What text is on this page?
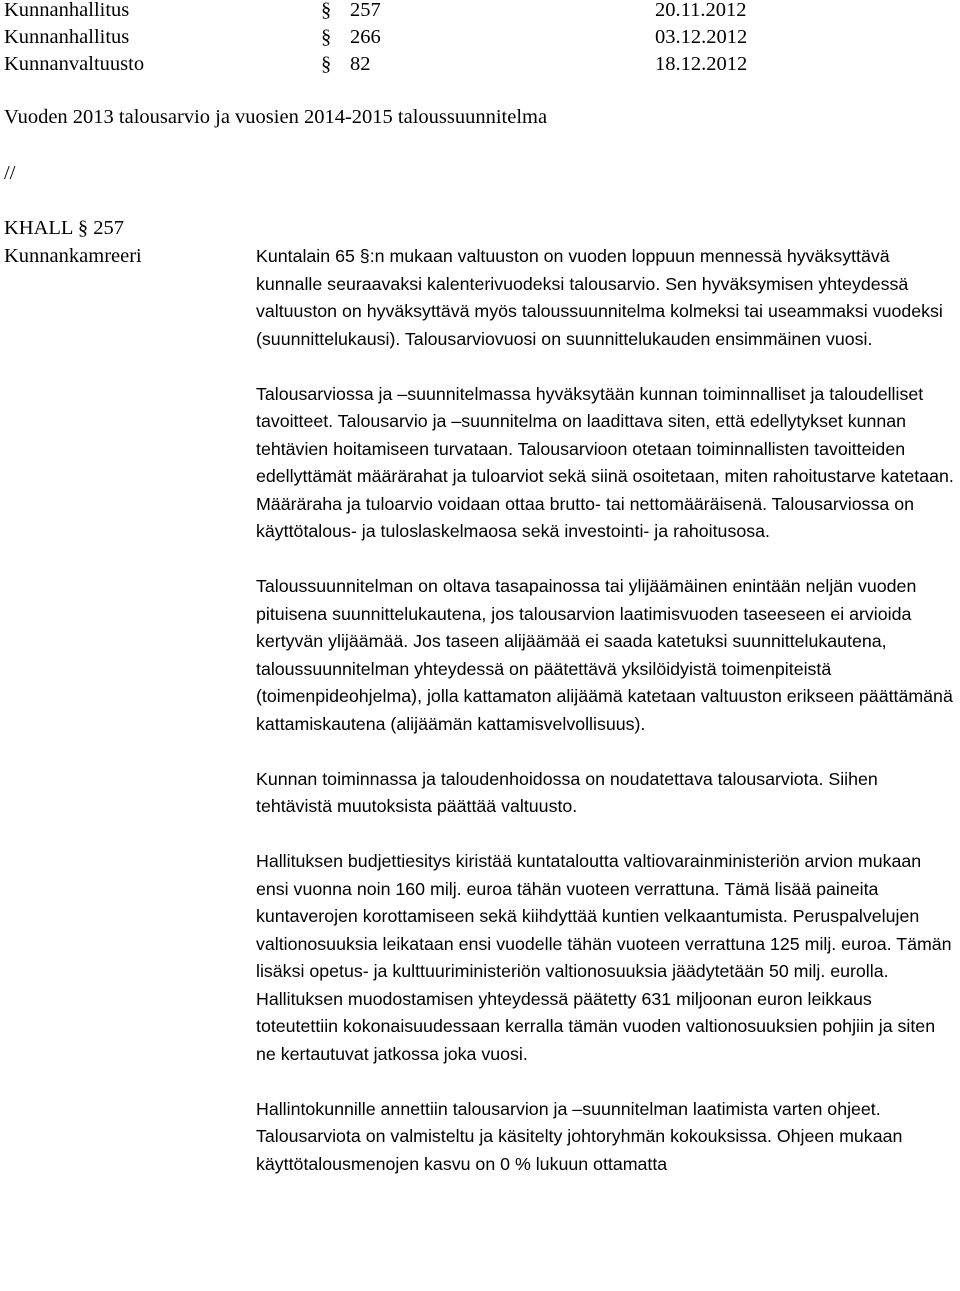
Kunnanhallitus	§ 257	20.11.2012
Kunnanhallitus	§ 266	03.12.2012
Kunnanvaltuusto	§ 82	18.12.2012
Vuoden 2013 talousarvio ja vuosien 2014-2015 taloussuunnitelma
//
KHALL § 257
Kunnankamreeri	Kuntalain 65 §:n mukaan valtuuston on vuoden loppuun mennessä hyväksyttävä kunnalle seuraavaksi kalenterivuodeksi talousarvio. Sen hyväksymisen yhteydessä valtuuston on hyväksyttävä myös taloussuunnitelma kolmeksi tai useammaksi vuodeksi (suunnittelukausi). Talousarviovuosi on suunnittelukauden ensimmäinen vuosi.

Talousarviossa ja –suunnitelmassa hyväksytään kunnan toiminnalliset ja taloudelliset tavoitteet. Talousarvio ja –suunnitelma on laadittava siten, että edellytykset kunnan tehtävien hoitamiseen turvataan. Talousarvioon otetaan toiminnallisten tavoitteiden edellyttämät määrärahat ja tuloarviot sekä siinä osoitetaan, miten rahoitustarve katetaan. Määräraha ja tuloarvio voidaan ottaa brutto- tai nettomääräisenä. Talousarviossa on käyttötalous- ja tuloslaskelmaosa sekä investointi- ja rahoitusosa.

Taloussuunnitelman on oltava tasapainossa tai ylijäämäinen enintään neljän vuoden pituisena suunnittelukautena, jos talousarvion laatimisvuoden taseeseen ei arvioida kertyvän ylijäämää. Jos taseen alijäämää ei saada katetuksi suunnittelukautena, taloussuunnitelman yhteydessä on päätettävä yksilöidyistä toimenpiteistä (toimenpideohjelma), jolla kattamaton alijäämä katetaan valtuuston erikseen päättämänä kattamiskautena (alijäämän kattamisvelvollisuus).

Kunnan toiminnassa ja taloudenhoidossa on noudatettava talousarviota. Siihen tehtävistä muutoksista päättää valtuusto.

Hallituksen budjettiesitys kiristää kuntataloutta valtiovarainministeriön arvion mukaan ensi vuonna noin 160 milj. euroa tähän vuoteen verrattuna. Tämä lisää paineita kuntaverojen korottamiseen sekä kiihdyttää kuntien velkaantumista. Peruspalvelujen valtionosuuksia leikataan ensi vuodelle tähän vuoteen verrattuna 125 milj. euroa. Tämän lisäksi opetus- ja kulttuuriministeriön valtionosuuksia jäädytetään 50 milj. eurolla. Hallituksen muodostamisen yhteydessä päätetty 631 miljoonan euron leikkaus toteutettiin kokonaisuudessaan kerralla tämän vuoden valtionosuuksien pohjiin ja siten ne kertautuvat jatkossa joka vuosi.

Hallintokunnille annettiin talousarvion ja –suunnitelman laatimista varten ohjeet. Talousarviota on valmisteltu ja käsitelty johtoryhmän kokouksissa. Ohjeen mukaan käyttötalousmenojen kasvu on 0 % lukuun ottamatta
